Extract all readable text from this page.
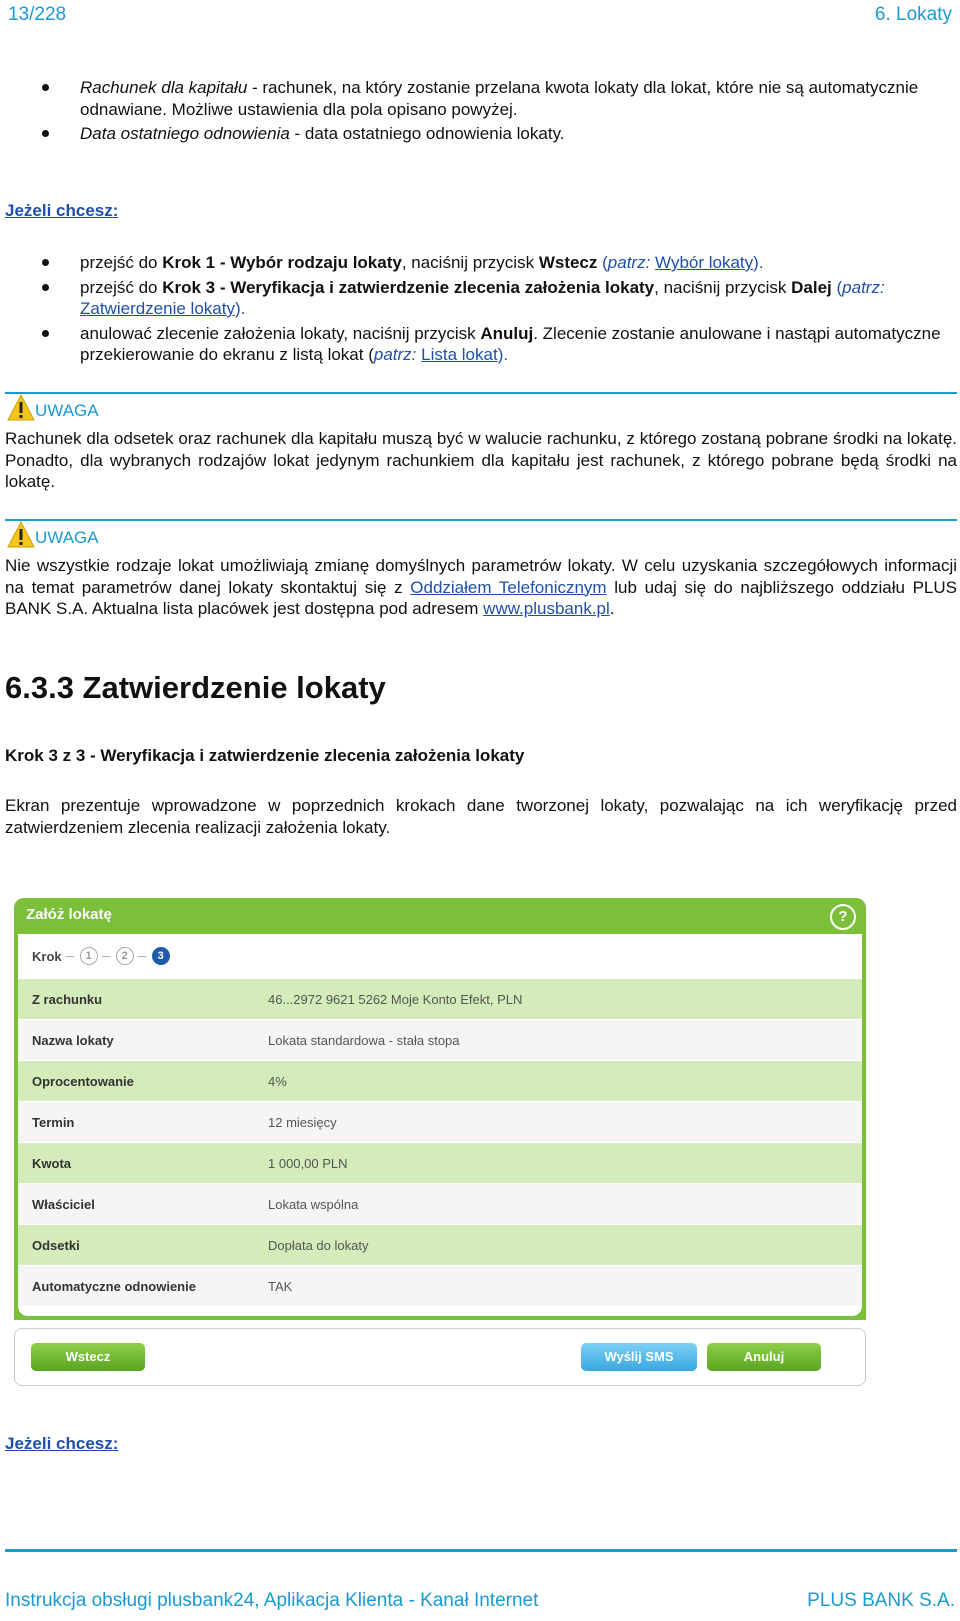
13/228	6. Lokaty
Rachunek dla kapitału - rachunek, na który zostanie przelana kwota lokaty dla lokat, które nie są automatycznie odnawiane. Możliwe ustawienia dla pola opisano powyżej.
Data ostatniego odnowienia - data ostatniego odnowienia lokaty.
Jeżeli chcesz:
przejść do Krok 1 - Wybór rodzaju lokaty, naciśnij przycisk Wstecz (patrz: Wybór lokaty).
przejść do Krok 3 - Weryfikacja i zatwierdzenie zlecenia założenia lokaty, naciśnij przycisk Dalej (patrz: Zatwierdzenie lokaty).
anulować zlecenie założenia lokaty, naciśnij przycisk Anuluj. Zlecenie zostanie anulowane i nastąpi automatyczne przekierowanie do ekranu z listą lokat (patrz: Lista lokat).
UWAGA
Rachunek dla odsetek oraz rachunek dla kapitału muszą być w walucie rachunku, z którego zostaną pobrane środki na lokatę. Ponadto, dla wybranych rodzajów lokat jedynym rachunkiem dla kapitału jest rachunek, z którego pobrane będą środki na lokatę.
UWAGA
Nie wszystkie rodzaje lokat umożliwiają zmianę domyślnych parametrów lokaty. W celu uzyskania szczegółowych informacji na temat parametrów danej lokaty skontaktuj się z Oddziałem Telefonicznym lub udaj się do najbliższego oddziału PLUS BANK S.A. Aktualna lista placówek jest dostępna pod adresem www.plusbank.pl.
6.3.3 Zatwierdzenie lokaty
Krok 3 z 3 - Weryfikacja i zatwierdzenie zlecenia założenia lokaty
Ekran prezentuje wprowadzone w poprzednich krokach dane tworzonej lokaty, pozwalając na ich weryfikację przed zatwierdzeniem zlecenia realizacji założenia lokaty.
Załóż lokatę	?
Krok	1	2	3
Z rachunku	46...2972 9621 5262 Moje Konto Efekt, PLN
Nazwa lokaty	Lokata standardowa - stała stopa
Oprocentowanie	4%
Termin	12 miesięcy
Kwota	1 000,00 PLN
Właściciel	Lokata wspólna
Odsetki	Dopłata do lokaty
Automatyczne odnowienie	TAK
Wstecz	Wyślij SMS	Anuluj
Jeżeli chcesz:
Instrukcja obsługi plusbank24, Aplikacja Klienta - Kanał Internet	PLUS BANK S.A.
